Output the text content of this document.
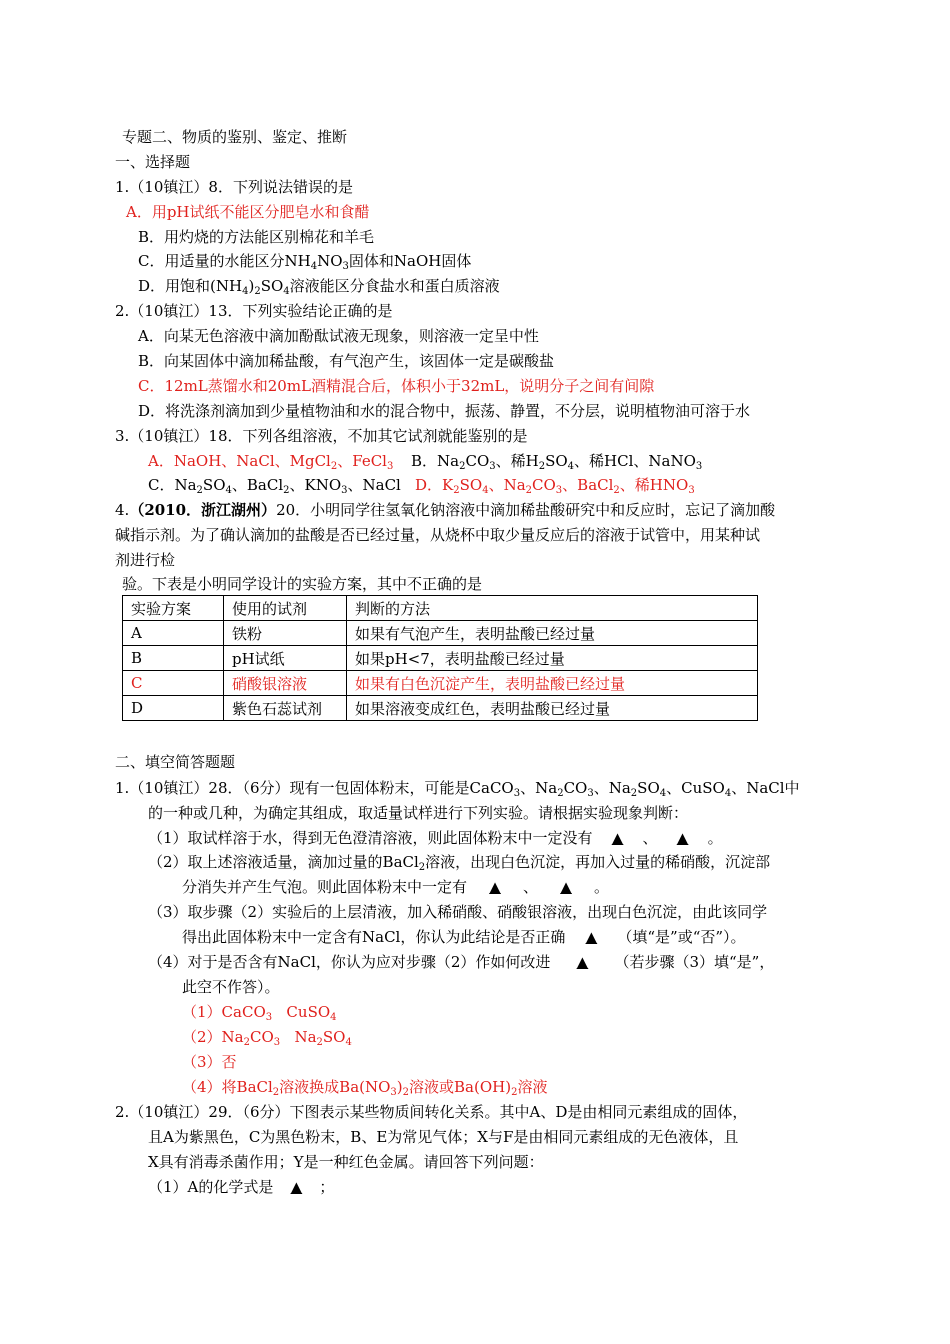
专题二、物质的鉴别、鉴定、推断
一、选择题
1.（10镇江）8．下列说法错误的是
A．用pH试纸不能区分肥皂水和食醋
B．用灼烧的方法能区别棉花和羊毛
C．用适量的水能区分$NH_4NO_3$固体和NaOH固体
D．用饱和$(NH_4)_2SO_4$溶液能区分食盐水和蛋白质溶液
2.（10镇江）13．下列实验结论正确的是
A．向某无色溶液中滴加酚酞试液无现象，则溶液一定呈中性
B．向某固体中滴加稀盐酸，有气泡产生，该固体一定是碳酸盐
C．12mL蒸馏水和20mL酒精混合后，体积小于32mL，说明分子之间有间隙
D．将洗涤剂滴加到少量植物油和水的混合物中，振荡、静置，不分层，说明植物油可溶于水
3.（10镇江）18．下列各组溶液，不加其它试剂就能鉴别的是
A．NaOH、NaCl、MgCl$_2$、FeCl$_3$ B．$Na_2CO_3$、稀$H_2SO_4$、稀HCl、NaNO$_3$
C．$Na_2SO_4$、BaCl$_2$、$KNO_3$、NaCl D．$K_2SO_4$、$Na_2CO_3$、BaCl$_2$、稀$HNO_3$
4.（2010．浙江湖州）20．小明同学往氢氧化钠溶液中滴加稀盐酸研究中和反应时，忘记了滴加酸
碱指示剂。为了确认滴加的盐酸是否已经过量，从烧杯中取少量反应后的溶液于试管中，用某种试
剂进行检
验。下表是小明同学设计的实验方案，其中不正确的是
实验方案	使用的试剂	判断的方法
A	铁粉	如果有气泡产生，表明盐酸已经过量
B	pH试纸	如果pH<7，表明盐酸已经过量
C	硝酸银溶液	如果有白色沉淀产生，表明盐酸已经过量
D	紫色石蕊试剂	如果溶液变成红色，表明盐酸已经过量
二、填空简答题题
1.（10镇江）28．（6分）现有一包固体粉末，可能是CaCO$_3$、$Na_2CO_3$、$Na_2SO_4$、CuSO$_4$、NaCl中
的一种或几种，为确定其组成，取适量试样进行下列实验。请根据实验现象判断：
（1）取试样溶于水，得到无色澄清溶液，则此固体粉末中一定没有 ▲ 、 ▲ 。
（2）取上述溶液适量，滴加过量的BaCl$_2$溶液，出现白色沉淀，再加入过量的稀硝酸，沉淀部
分消失并产生气泡。则此固体粉末中一定有 ▲ 、 ▲ 。
（3）取步骤（2）实验后的上层清液，加入稀硝酸、硝酸银溶液，出现白色沉淀，由此该同学
得出此固体粉末中一定含有NaCl，你认为此结论是否正确 ▲ （填“是”或“否”）。
（4）对于是否含有NaCl，你认为应对步骤（2）作如何改进 ▲ （若步骤（3）填“是”，
此空不作答）。
（1）CaCO$_3$   CuSO$_4$
$(2)Na_2CO_3$   $Na_2SO_4$
（3）否
（4）将BaCl$_2$溶液换成$Ba(NO_3)_2$溶液或$Ba(OH)_2$溶液
2.（10镇江）29．（6分）下图表示某些物质间转化关系。其中A、D是由相同元素组成的固体，
且A为紫黑色，C为黑色粉末，B、E为常见气体；X与F是由相同元素组成的无色液体，且
X具有消毒杀菌作用；Y是一种红色金属。请回答下列问题：
（1）A的化学式是 ▲ ；
